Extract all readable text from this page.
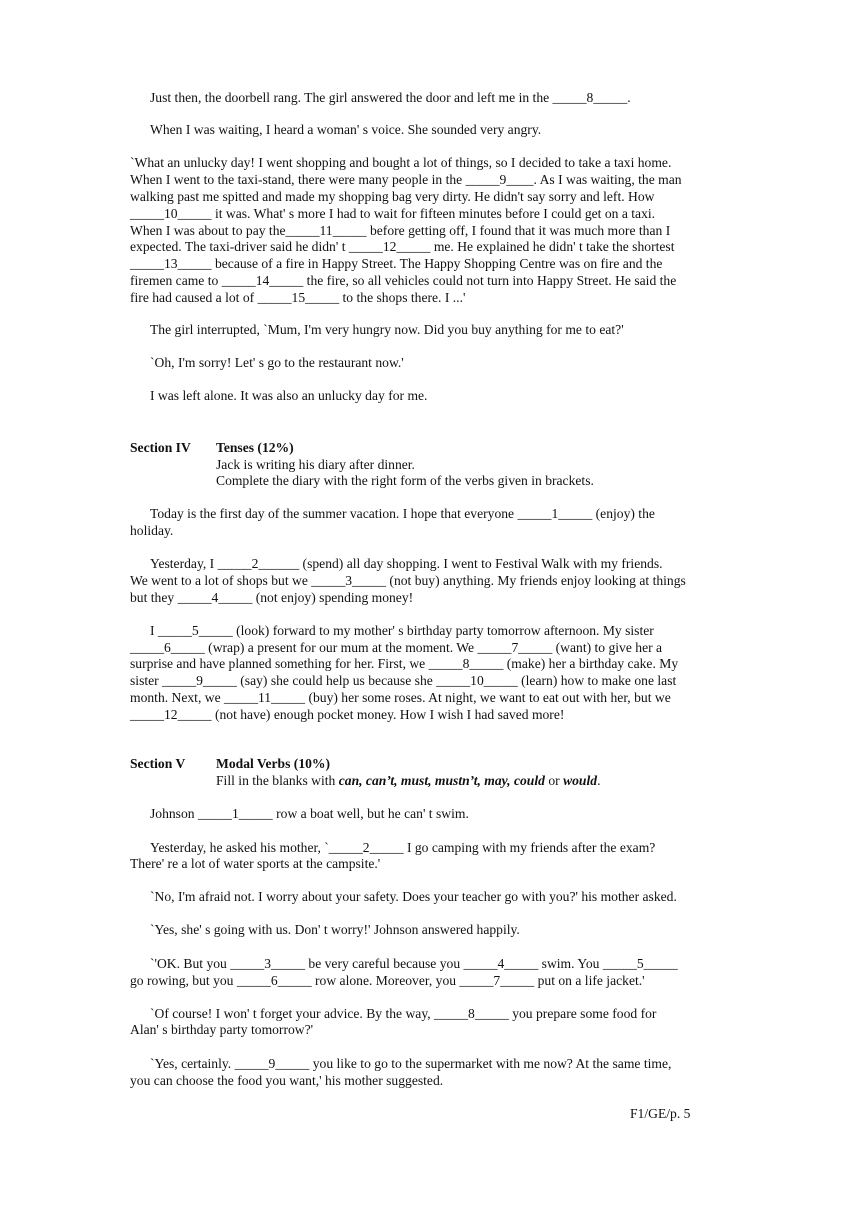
Just then, the doorbell rang. The girl answered the door and left me in the _____8_____.
When I was waiting, I heard a woman' s voice. She sounded very angry.
`What an unlucky day! I went shopping and bought a lot of things, so I decided to take a taxi home.
When I went to the taxi-stand, there were many people in the _____9____. As I was waiting, the man
walking past me spitted and made my shopping bag very dirty. He didn't say sorry and left. How
_____10_____ it was. What' s more I had to wait for fifteen minutes before I could get on a taxi.
When I was about to pay the_____11_____ before getting off, I found that it was much more than I
expected. The taxi-driver said he didn' t _____12_____ me. He explained he didn' t take the shortest
_____13_____ because of a fire in Happy Street. The Happy Shopping Centre was on fire and the
firemen came to _____14_____ the fire, so all vehicles could not turn into Happy Street. He said the
fire had caused a lot of _____15_____ to the shops there. I ...'
The girl interrupted, `Mum, I'm very hungry now. Did you buy anything for me to eat?'
`Oh, I'm sorry! Let' s go to the restaurant now.'
I was left alone. It was also an unlucky day for me.
Section IV Tenses (12%)
Jack is writing his diary after dinner.
Complete the diary with the right form of the verbs given in brackets.
Today is the first day of the summer vacation. I hope that everyone _____1_____ (enjoy) the
holiday.
Yesterday, I _____2______ (spend) all day shopping. I went to Festival Walk with my friends.
We went to a lot of shops but we _____3_____ (not buy) anything. My friends enjoy looking at things
but they _____4_____ (not enjoy) spending money!
I _____5_____ (look) forward to my mother' s birthday party tomorrow afternoon. My sister
_____6_____ (wrap) a present for our mum at the moment. We _____7_____ (want) to give her a
surprise and have planned something for her. First, we _____8_____ (make) her a birthday cake. My
sister _____9_____ (say) she could help us because she _____10_____ (learn) how to make one last
month. Next, we _____11_____ (buy) her some roses. At night, we want to eat out with her, but we
_____12_____ (not have) enough pocket money. How I wish I had saved more!
Section V Modal Verbs (10%)
Fill in the blanks with can, can’t, must, mustn’t, may, could or would.
Johnson _____1_____ row a boat well, but he can' t swim.
Yesterday, he asked his mother, `_____2_____ I go camping with my friends after the exam?
There' re a lot of water sports at the campsite.'
`No, I'm afraid not. I worry about your safety. Does your teacher go with you?' his mother asked.
`Yes, she' s going with us. Don' t worry!' Johnson answered happily.
`'OK. But you _____3_____ be very careful because you _____4_____ swim. You _____5_____
go rowing, but you _____6_____ row alone. Moreover, you _____7_____ put on a life jacket.'
`Of course! I won' t forget your advice. By the way, _____8_____ you prepare some food for
Alan' s birthday party tomorrow?'
`Yes, certainly. _____9_____ you like to go to the supermarket with me now? At the same time,
you can choose the food you want,' his mother suggested.
F1/GE/p. 5
